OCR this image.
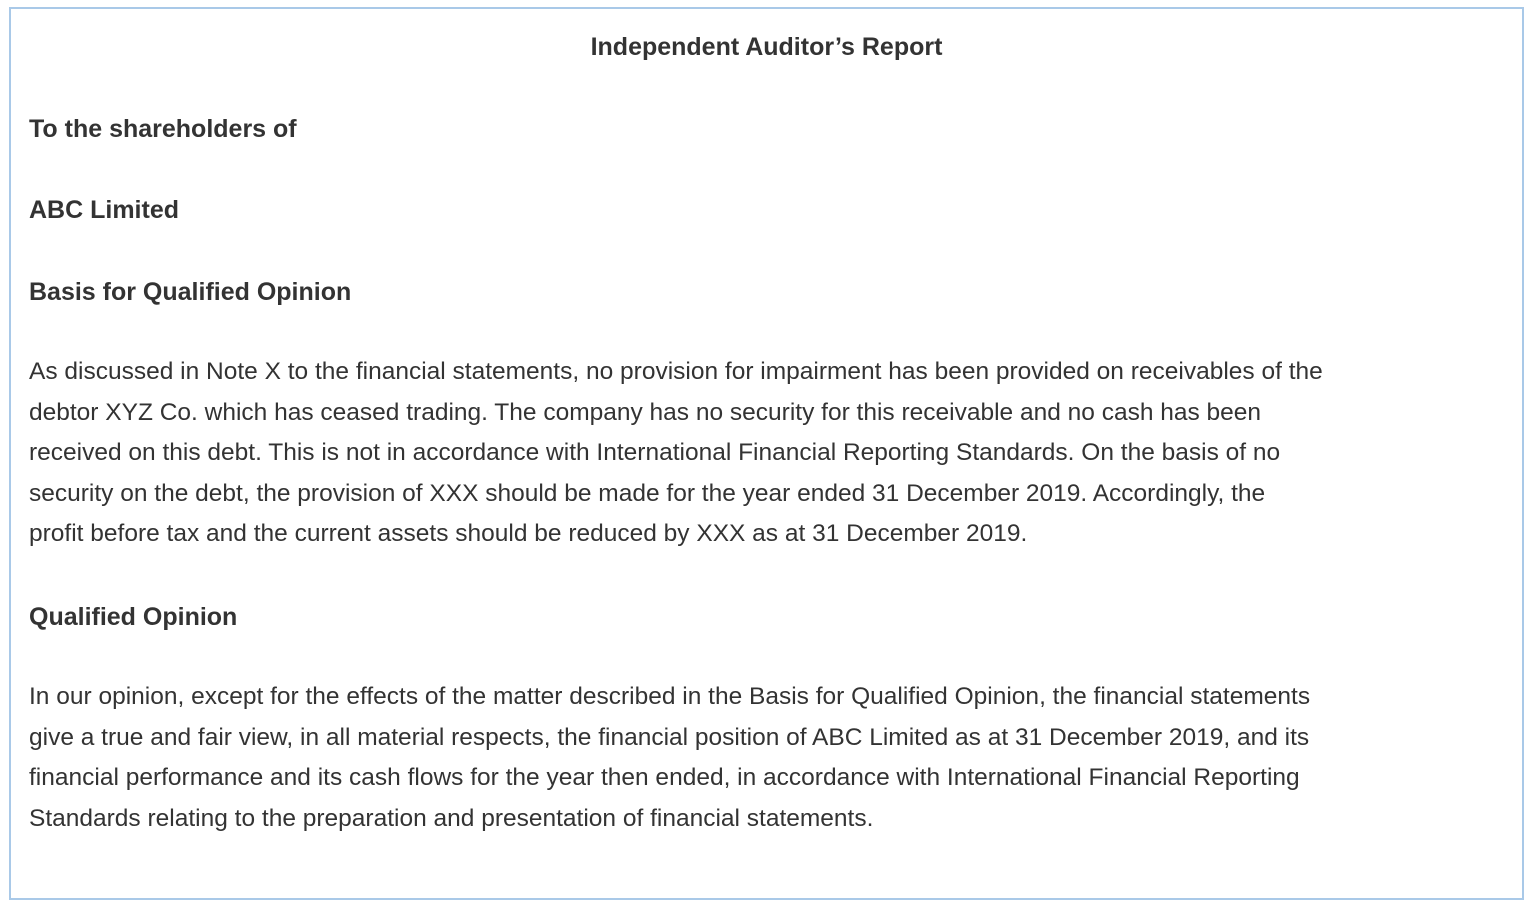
Independent Auditor’s Report

To the shareholders of

ABC Limited

Basis for Qualified Opinion

As discussed in Note X to the financial statements, no provision for impairment has been provided on receivables of the
debtor XYZ Co. which has ceased trading. The company has no security for this receivable and no cash has been
received on this debt. This is not in accordance with International Financial Reporting Standards. On the basis of no
security on the debt, the provision of XXX should be made for the year ended 31 December 2019. Accordingly, the
profit before tax and the current assets should be reduced by XXX as at 31 December 2019.

Qualified Opinion

In our opinion, except for the effects of the matter described in the Basis for Qualified Opinion, the financial statements
give a true and fair view, in all material respects, the financial position of ABC Limited as at 31 December 2019, and its
financial performance and its cash flows for the year then ended, in accordance with International Financial Reporting
Standards relating to the preparation and presentation of financial statements.
